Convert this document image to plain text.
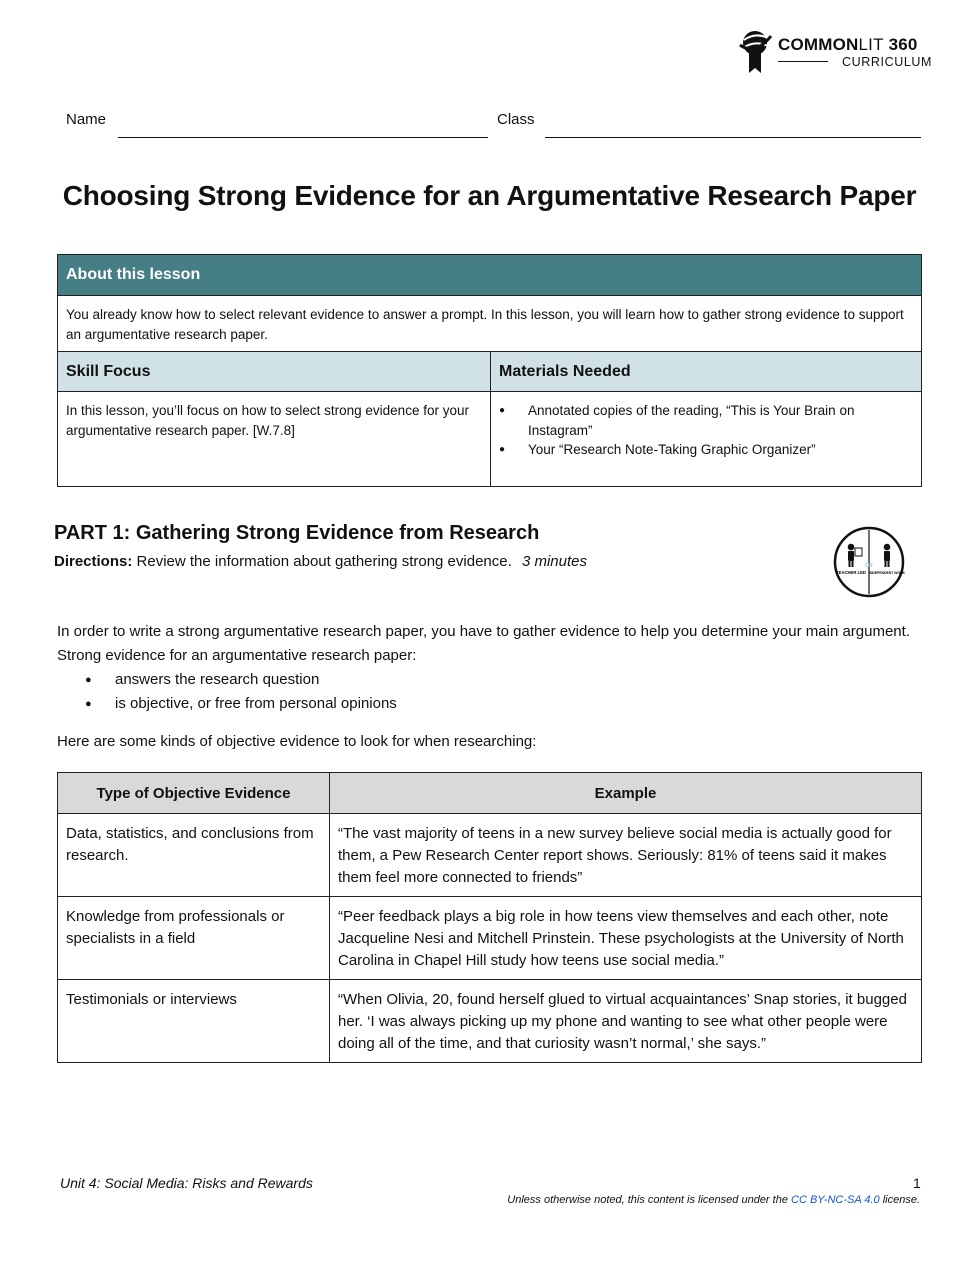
COMMONLIT 360
CURRICULUM
Name	Class
Choosing Strong Evidence for an Argumentative Research Paper
About this lesson
You already know how to select relevant evidence to answer a prompt. In this lesson, you will learn how to gather strong evidence to support an argumentative research paper.
Skill Focus	Materials Needed
In this lesson, you’ll focus on how to select strong evidence for your argumentative research paper. [W.7.8]
● Annotated copies of the reading, “This is Your Brain on Instagram”
● Your “Research Note-Taking Graphic Organizer”
PART 1: Gathering Strong Evidence from Research
Directions: Review the information about gathering strong evidence. 3 minutes
TEACHER LED
OR
INDEPENDENT WORK

In order to write a strong argumentative research paper, you have to gather evidence to help you determine your main argument. Strong evidence for an argumentative research paper:

● answers the research question
● is objective, or free from personal opinions
Here are some kinds of objective evidence to look for when researching:
Type of Objective Evidence	Example
Data, statistics, and conclusions from research.	“The vast majority of teens in a new survey believe social media is actually good for them, a Pew Research Center report shows. Seriously: 81% of teens said it makes them feel more connected to friends”
Knowledge from professionals or specialists in a field	“Peer feedback plays a big role in how teens view themselves and each other, note Jacqueline Nesi and Mitchell Prinstein. These psychologists at the University of North Carolina in Chapel Hill study how teens use social media.”
Testimonials or interviews	“When Olivia, 20, found herself glued to virtual acquaintances’ Snap stories, it bugged her. ‘I was always picking up my phone and wanting to see what other people were doing all of the time, and that curiosity wasn’t normal,’ she says.”
Unit 4: Social Media: Risks and Rewards	1
Unless otherwise noted, this content is licensed under the CC BY-NC-SA 4.0 license.
